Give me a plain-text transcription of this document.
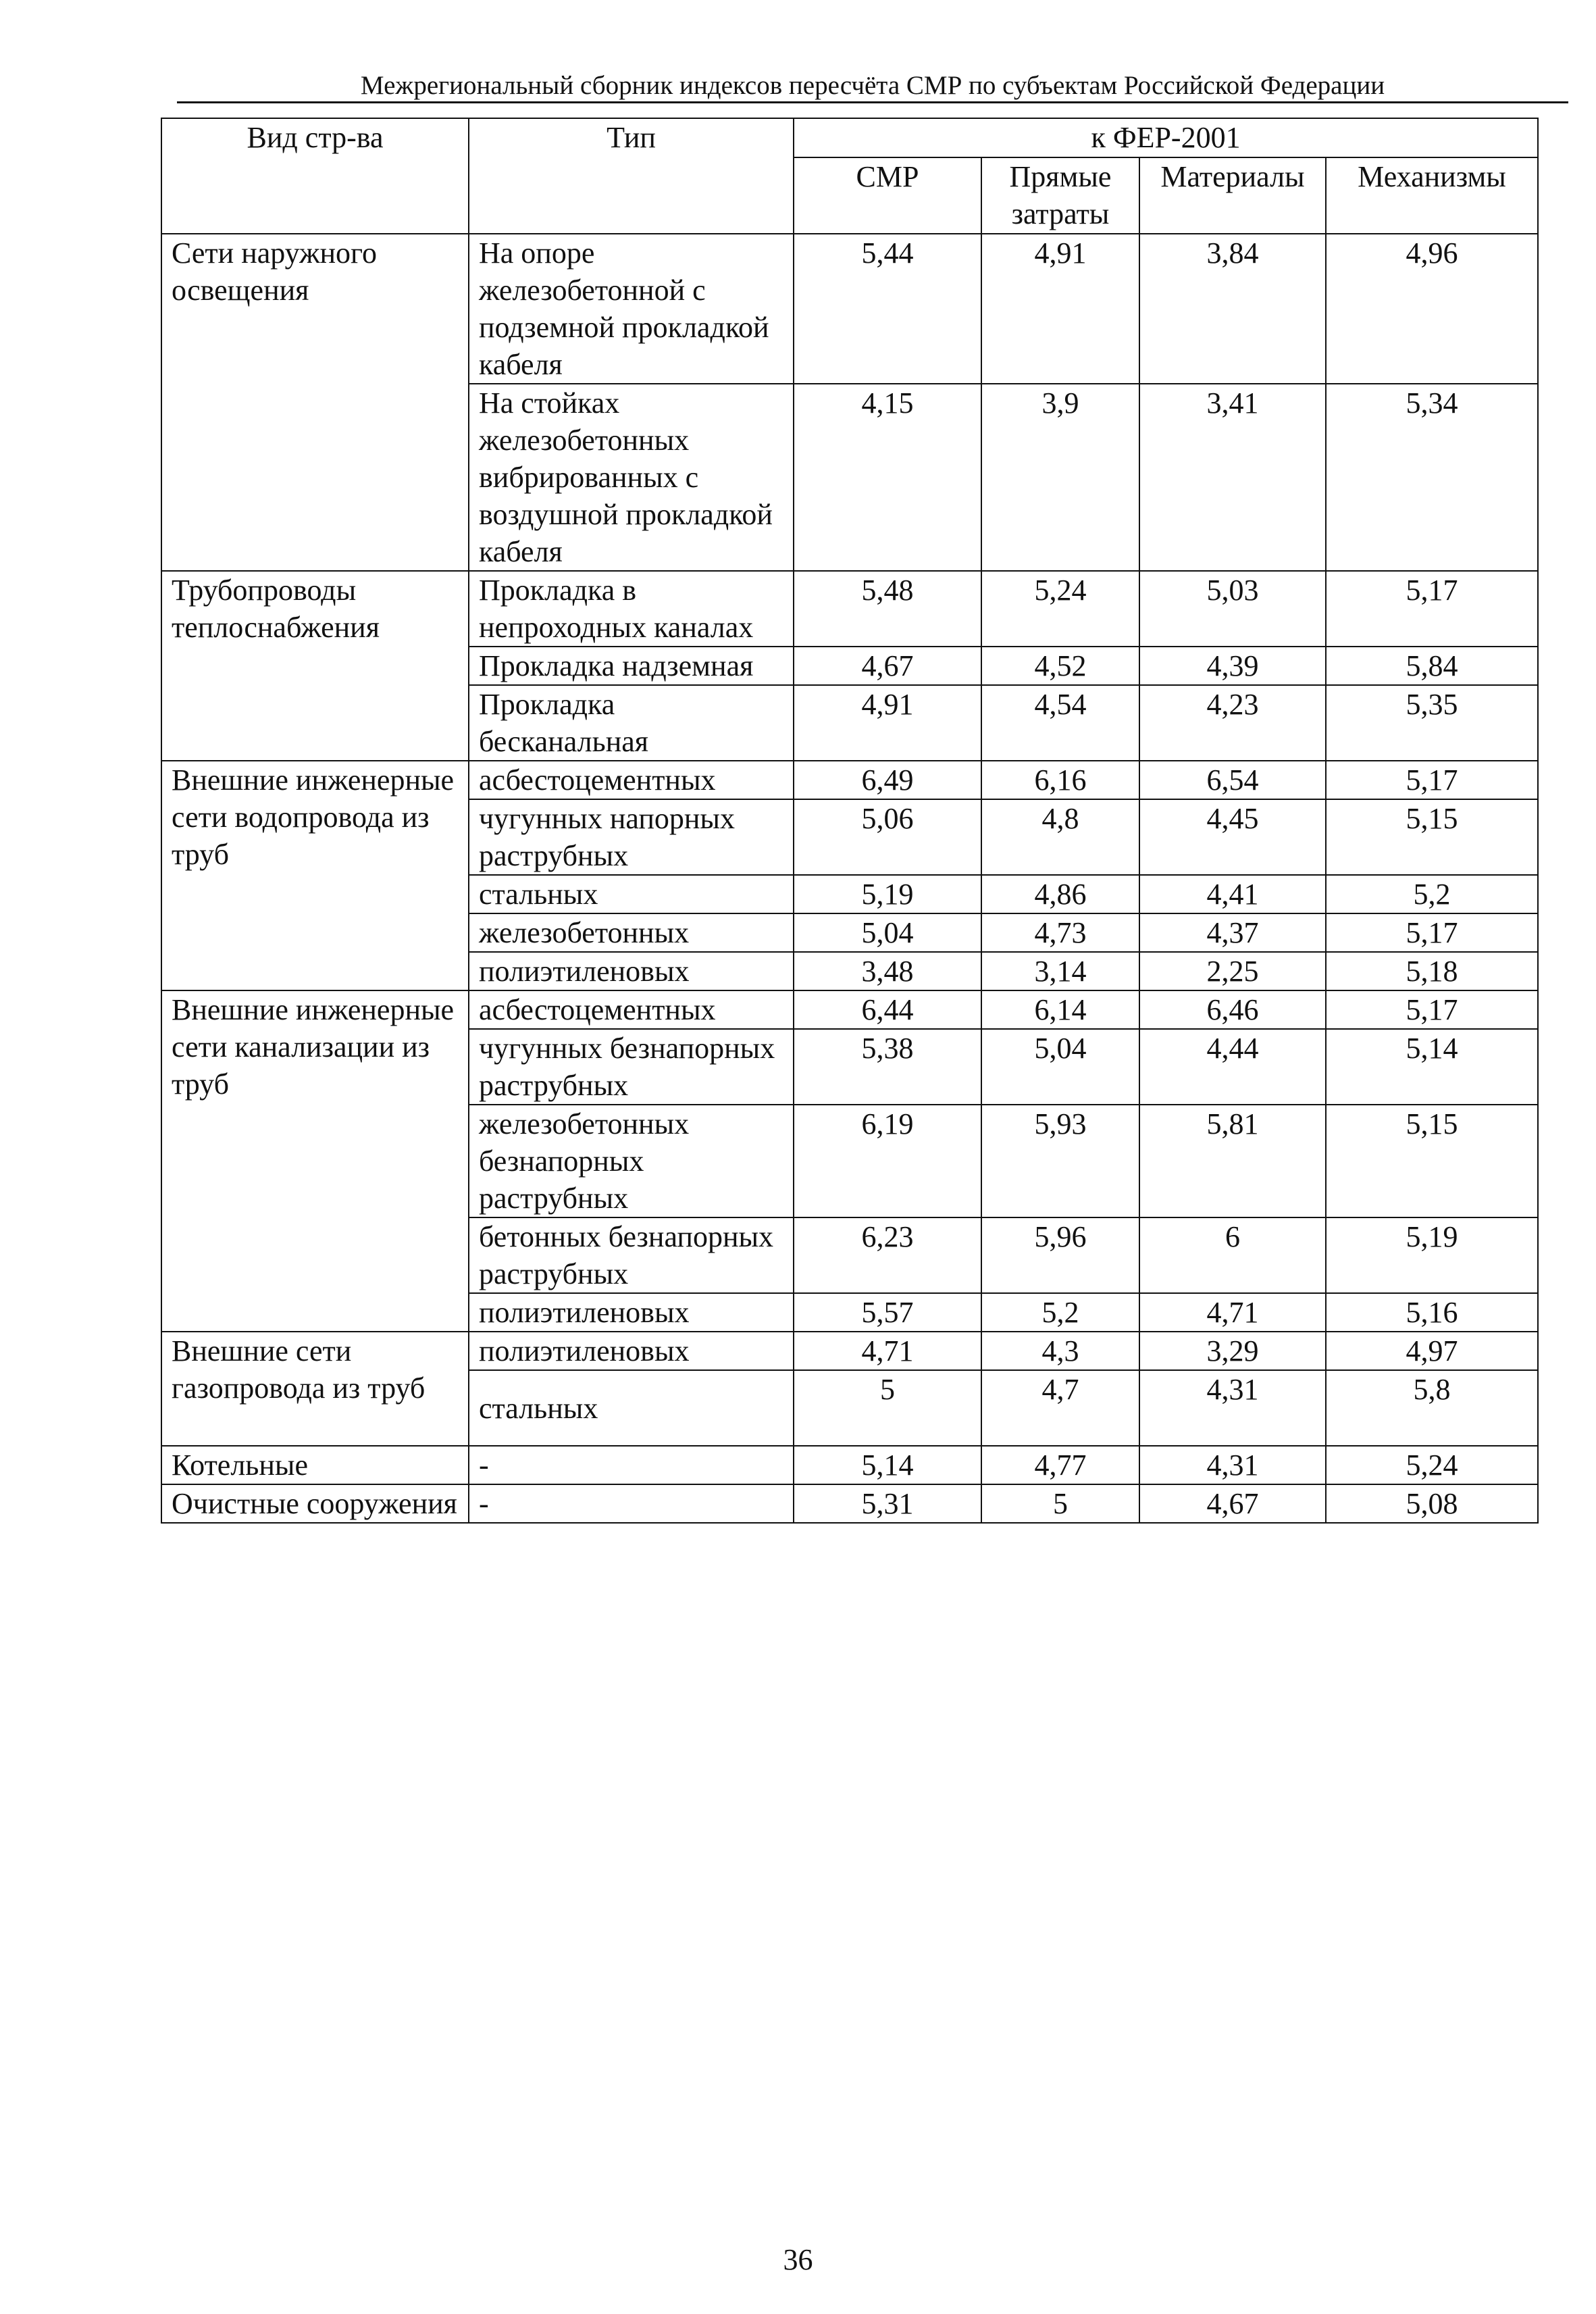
Межрегиональный сборник индексов пересчёта СМР по субъектам Российской Федерации
Вид стр-ва	Тип	к ФЕР-2001			
		СМР	Прямые затраты	Материалы	Механизмы
Сети наружного освещения	На опоре железобетонной с подземной прокладкой кабеля	5,44	4,91	3,84	4,96
	На стойках железобетонных вибрированных с воздушной прокладкой кабеля	4,15	3,9	3,41	5,34
Трубопроводы теплоснабжения	Прокладка в непроходных каналах	5,48	5,24	5,03	5,17
	Прокладка надземная	4,67	4,52	4,39	5,84
	Прокладка бесканальная	4,91	4,54	4,23	5,35
Внешние инженерные сети водопровода из труб	асбестоцементных	6,49	6,16	6,54	5,17
	чугунных напорных раструбных	5,06	4,8	4,45	5,15
	стальных	5,19	4,86	4,41	5,2
	железобетонных	5,04	4,73	4,37	5,17
	полиэтиленовых	3,48	3,14	2,25	5,18
Внешние инженерные сети канализации из труб	асбестоцементных	6,44	6,14	6,46	5,17
	чугунных безнапорных раструбных	5,38	5,04	4,44	5,14
	железобетонных безнапорных раструбных	6,19	5,93	5,81	5,15
	бетонных безнапорных раструбных	6,23	5,96	6	5,19
	полиэтиленовых	5,57	5,2	4,71	5,16
Внешние сети газопровода из труб	полиэтиленовых	4,71	4,3	3,29	4,97
	стальных	5	4,7	4,31	5,8
Котельные	-	5,14	4,77	4,31	5,24
Очистные сооружения	-	5,31	5	4,67	5,08
36
